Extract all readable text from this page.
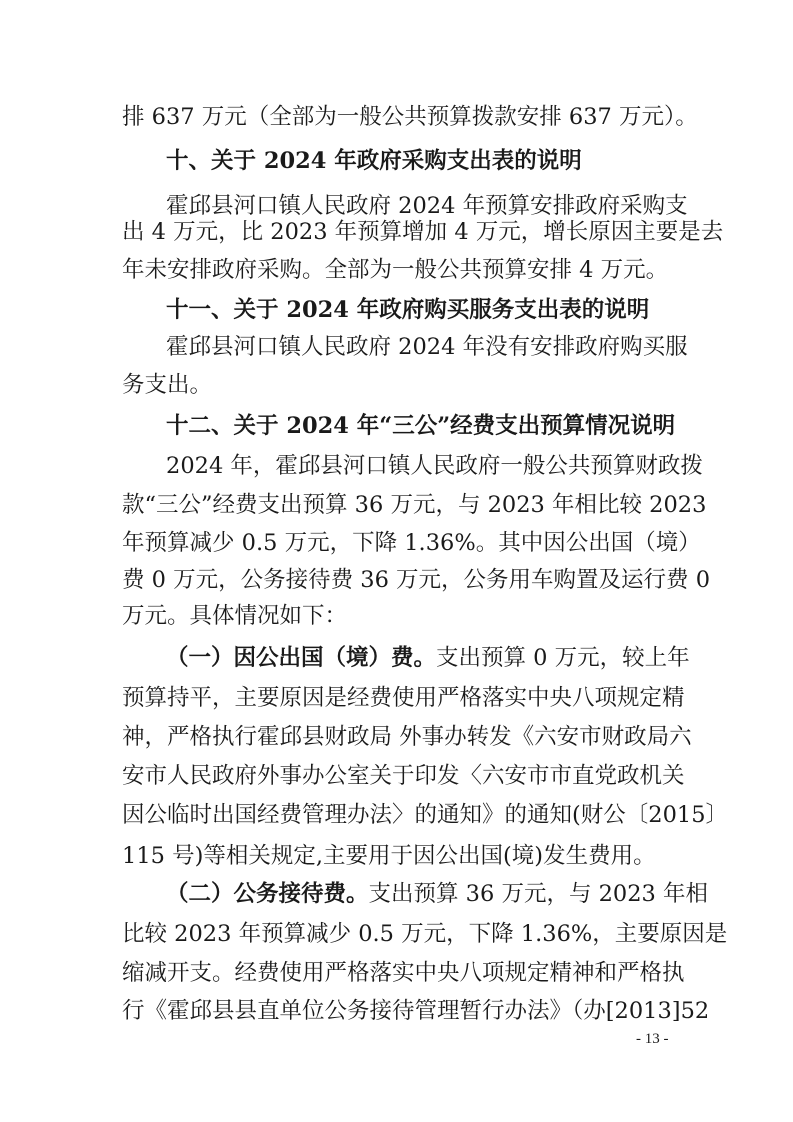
排 637 万元（全部为一般公共预算拨款安排 637 万元）。
十、关于 2024 年政府采购支出表的说明
霍邱县河口镇人民政府 2024 年预算安排政府采购支
出 4 万元，比 2023 年预算增加 4 万元，增长原因主要是去
年未安排政府采购。全部为一般公共预算安排 4 万元。
十一、关于 2024 年政府购买服务支出表的说明
霍邱县河口镇人民政府 2024 年没有安排政府购买服
务支出。
十二、关于 2024 年“三公”经费支出预算情况说明
2024 年，霍邱县河口镇人民政府一般公共预算财政拨
款“三公”经费支出预算 36 万元，与 2023 年相比较 2023
年预算减少 0.5 万元，下降 1.36%。其中因公出国（境）
费 0 万元，公务接待费 36 万元，公务用车购置及运行费 0
万元。具体情况如下：
（一）因公出国（境）费。支出预算 0 万元，较上年
预算持平，主要原因是经费使用严格落实中央八项规定精
神，严格执行霍邱县财政局 外事办转发《六安市财政局六
安市人民政府外事办公室关于印发〈六安市市直党政机关
因公临时出国经费管理办法〉的通知》的通知(财公〔2015〕
115 号)等相关规定,主要用于因公出国(境)发生费用。
（二）公务接待费。支出预算 36 万元，与 2023 年相
比较 2023 年预算减少 0.5 万元，下降 1.36%，主要原因是
缩减开支。经费使用严格落实中央八项规定精神和严格执
行《霍邱县县直单位公务接待管理暂行办法》（办[2013]52
- 13 -
